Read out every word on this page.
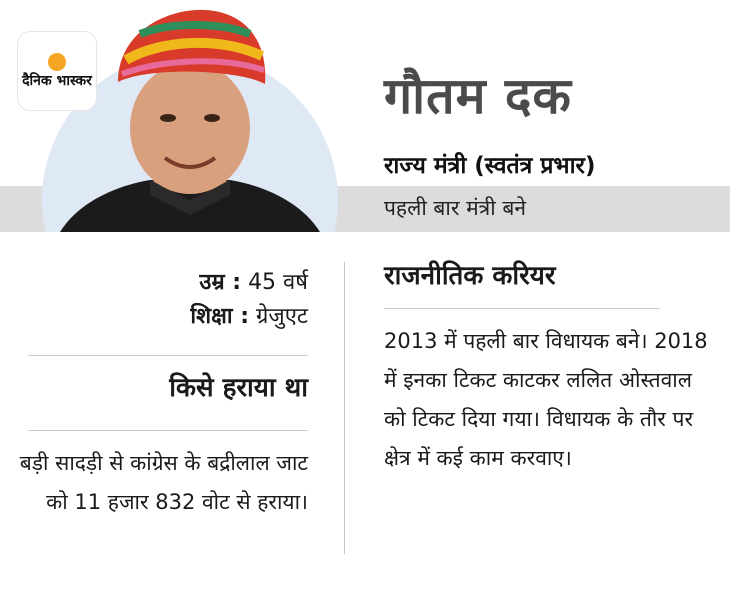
दैनिक भास्कर	गौतम दक
राज्य मंत्री (स्वतंत्र प्रभार)
पहली बार मंत्री बने
उम्र : 45 वर्ष
शिक्षा : ग्रेजुएट
किसे हराया था
बड़ी सादड़ी से कांग्रेस के बद्रीलाल जाट को 11 हजार 832 वोट से हराया।
राजनीतिक करियर
2013 में पहली बार विधायक बने। 2018 में इनका टिकट काटकर ललित ओस्तवाल को टिकट दिया गया। विधायक के तौर पर क्षेत्र में कई काम करवाए।
